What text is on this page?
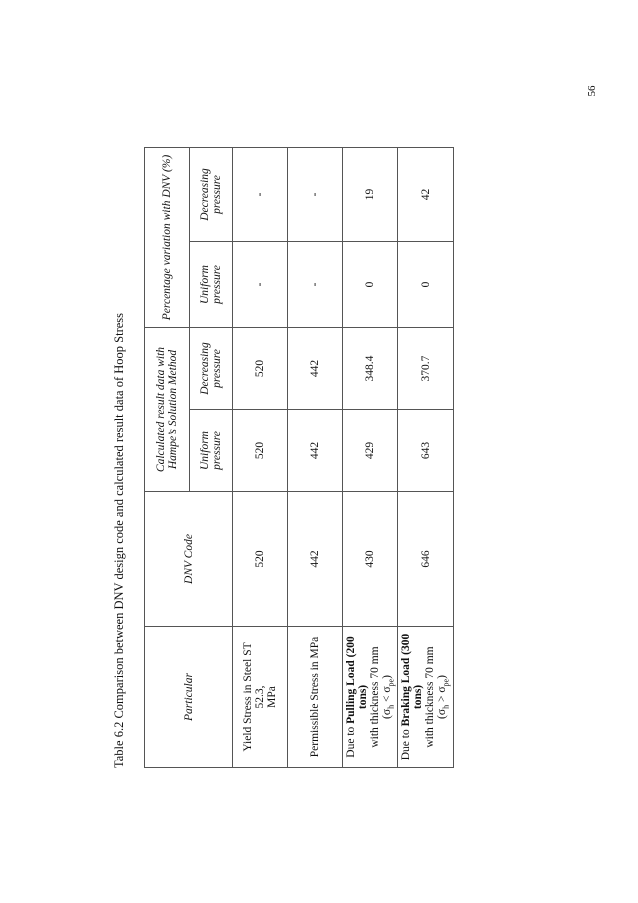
56
Table 6.2 Comparison between DNV design code and calculated result data of Hoop Stress	Particular	DNV Code	Calculated result data with Hampe’s Solution Method		Percentage variation with DNV (%)	
		Uniform pressure	Decreasing pressure	Uniform pressure	Decreasing pressure
Yield Stress in Steel ST 52.3,
MPa	520	520	520	-	-
Permissible Stress in MPa	442	442	442	-	-
Due to Pulling Load (200 tons)
with thickness 70 mm
$(\sigma_h < \sigma_{pe})$	430	429	348.4	0	19
Due to Braking Load (300 tons)
with thickness 70 mm
$(\sigma_h > \sigma_{pe})$	646	643	370.7	0	42
